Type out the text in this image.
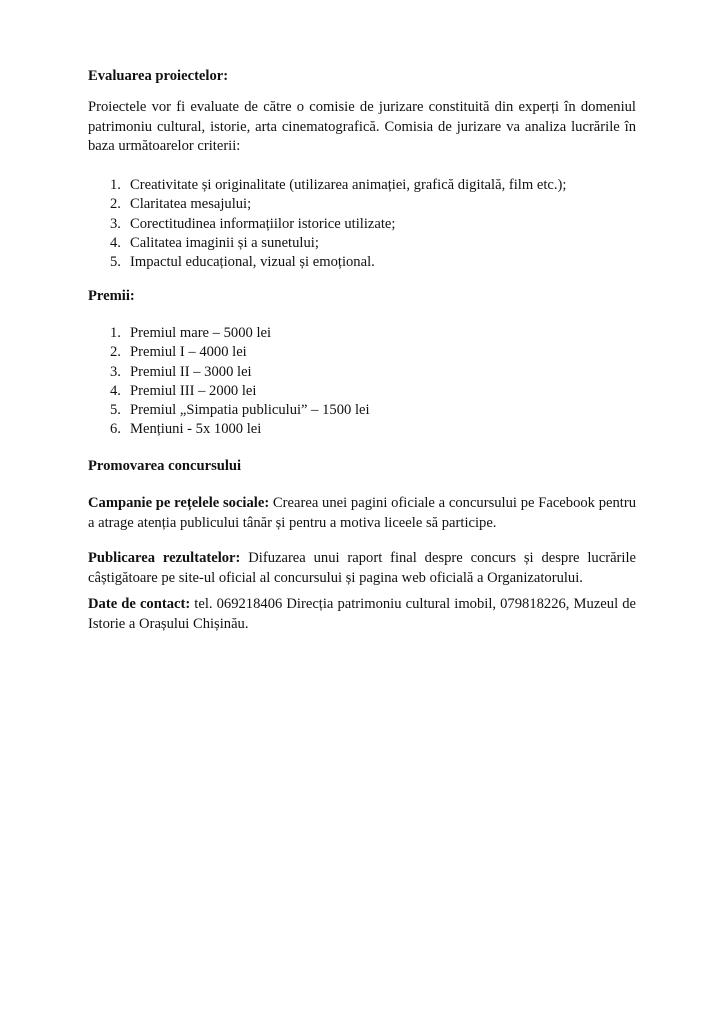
Evaluarea proiectelor:

Proiectele vor fi evaluate de către o comisie de jurizare constituită din experți în domeniul patrimoniu cultural, istorie, arta cinematografică. Comisia de jurizare va analiza lucrările în baza următoarelor criterii:

1. Creativitate și originalitate (utilizarea animației, grafică digitală, film etc.);
2. Claritatea mesajului;
3. Corectitudinea informațiilor istorice utilizate;
4. Calitatea imaginii și a sunetului;
5. Impactul educațional, vizual și emoțional.
Premii:
1. Premiul mare – 5000 lei
2. Premiul I – 4000 lei
3. Premiul II – 3000 lei
4. Premiul III – 2000 lei
5. Premiul „Simpatia publicului” – 1500 lei
6. Mențiuni - 5x 1000 lei
Promovarea concursului

Campanie pe rețelele sociale: Crearea unei pagini oficiale a concursului pe Facebook pentru a atrage atenția publicului tânăr și pentru a motiva liceele să participe.

Publicarea rezultatelor: Difuzarea unui raport final despre concurs și despre lucrările câștigătoare pe site-ul oficial al concursului și pagina web oficială a Organizatorului.

Date de contact: tel. 069218406 Direcția patrimoniu cultural imobil, 079818226, Muzeul de Istorie a Orașului Chișinău.
